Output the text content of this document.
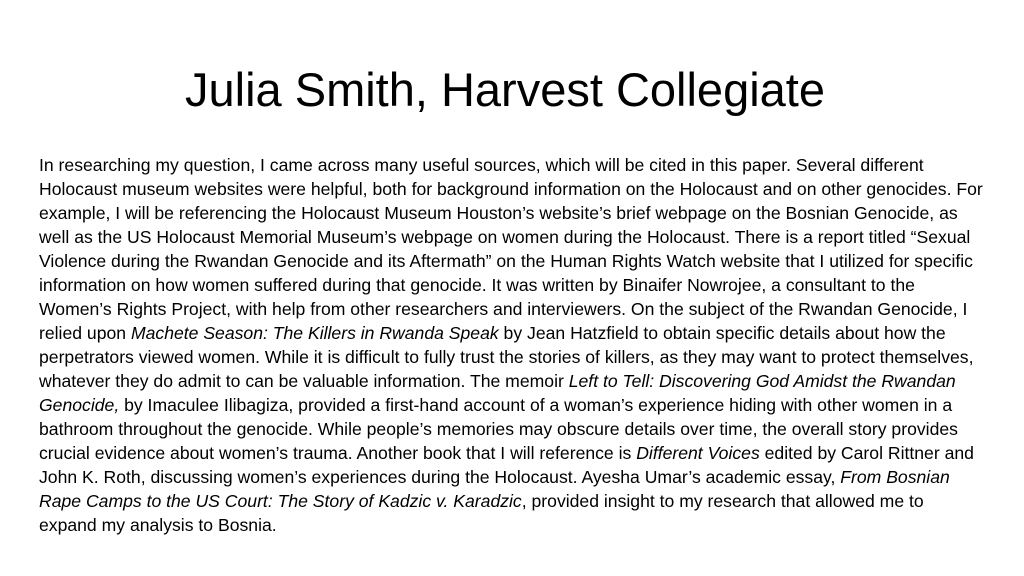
Julia Smith, Harvest Collegiate

In researching my question, I came across many useful sources, which will be cited in this paper. Several different Holocaust museum websites were helpful, both for background information on the Holocaust and on other genocides. For example, I will be referencing the Holocaust Museum Houston’s website’s brief webpage on the Bosnian Genocide, as well as the US Holocaust Memorial Museum’s webpage on women during the Holocaust. There is a report titled “Sexual Violence during the Rwandan Genocide and its Aftermath” on the Human Rights Watch website that I utilized for specific information on how women suffered during that genocide. It was written by Binaifer Nowrojee, a consultant to the Women’s Rights Project, with help from other researchers and interviewers. On the subject of the Rwandan Genocide, I relied upon Machete Season: The Killers in Rwanda Speak by Jean Hatzfield to obtain specific details about how the perpetrators viewed women. While it is difficult to fully trust the stories of killers, as they may want to protect themselves, whatever they do admit to can be valuable information. The memoir Left to Tell: Discovering God Amidst the Rwandan Genocide, by Imaculee Ilibagiza, provided a first-hand account of a woman’s experience hiding with other women in a bathroom throughout the genocide. While people’s memories may obscure details over time, the overall story provides crucial evidence about women’s trauma. Another book that I will reference is Different Voices edited by Carol Rittner and John K. Roth, discussing women’s experiences during the Holocaust. Ayesha Umar’s academic essay, From Bosnian Rape Camps to the US Court: The Story of Kadzic v. Karadzic, provided insight to my research that allowed me to expand my analysis to Bosnia.
